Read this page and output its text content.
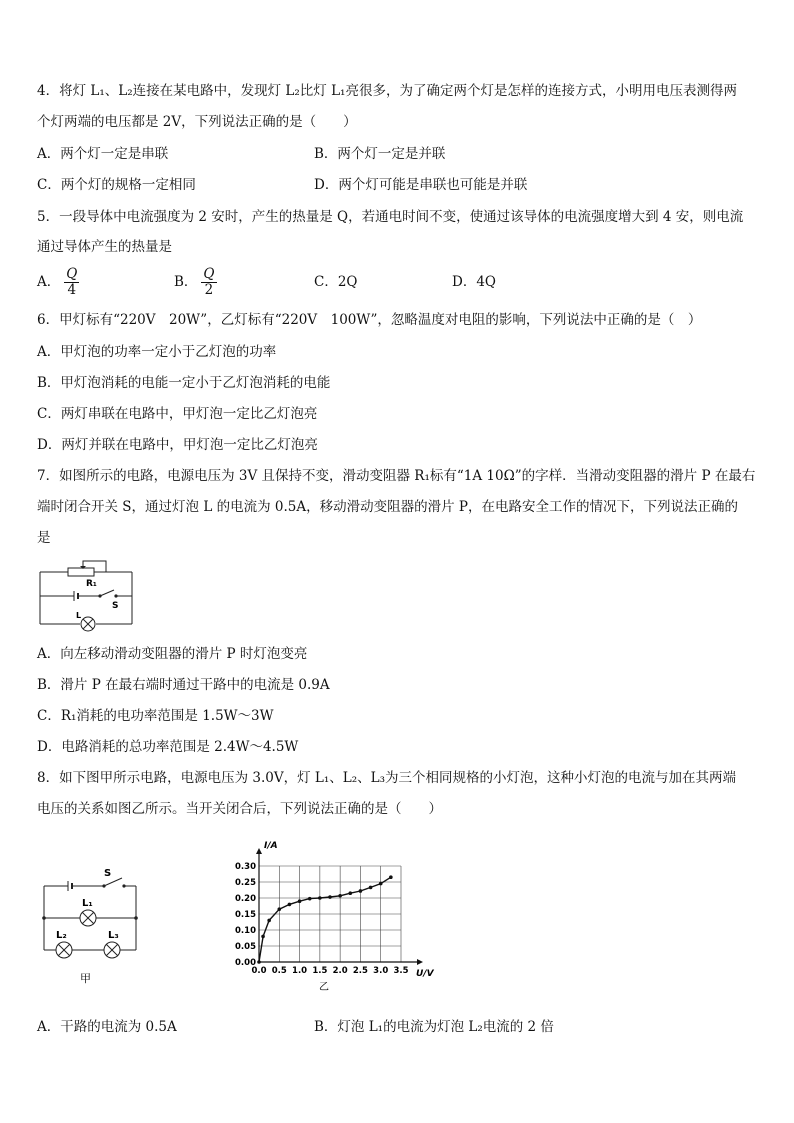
4．将灯 L₁、L₂连接在某电路中，发现灯 L₂比灯 L₁亮很多，为了确定两个灯是怎样的连接方式，小明用电压表测得两
个灯两端的电压都是 2V，下列说法正确的是（　　）
A．两个灯一定是串联	B．两个灯一定是并联
C．两个灯的规格一定相同	D．两个灯可能是串联也可能是并联
5．一段导体中电流强度为 2 安时，产生的热量是 Q，若通电时间不变，使通过该导体的电流强度增大到 4 安，则电流
通过导体产生的热量是
A． $\frac{Q}{4}$	B． $\frac{Q}{2}$	C．2Q	D．4Q
6．甲灯标有“220V　20W”，乙灯标有“220V　100W”，忽略温度对电阻的影响，下列说法中正确的是（　）
A．甲灯泡的功率一定小于乙灯泡的功率
B．甲灯泡消耗的电能一定小于乙灯泡消耗的电能
C．两灯串联在电路中，甲灯泡一定比乙灯泡亮
D．两灯并联在电路中，甲灯泡一定比乙灯泡亮
7．如图所示的电路，电源电压为 3V 且保持不变，滑动变阻器 R₁标有“1A 10Ω”的字样．当滑动变阻器的滑片 P 在最右
端时闭合开关 S，通过灯泡 L 的电流为 0.5A，移动滑动变阻器的滑片 P，在电路安全工作的情况下，下列说法正确的
是
R₁
S
L
A．向左移动滑动变阻器的滑片 P 时灯泡变亮
B．滑片 P 在最右端时通过干路中的电流是 0.9A
C．R₁消耗的电功率范围是 1.5W～3W
D．电路消耗的总功率范围是 2.4W～4.5W
8．如下图甲所示电路，电源电压为 3.0V，灯 L₁、L₂、L₃为三个相同规格的小灯泡，这种小灯泡的电流与加在其两端
电压的关系如图乙所示。当开关闭合后，下列说法正确的是（　　）
S
L₁
L₂	L₃
甲
0.0 0.5 1.0 1.5 2.0 2.5 3.0 3.5
0.00
0.05
0.10
0.15
0.20
0.25
0.30
I/A
U/V
乙
A．干路的电流为 0.5A	B．灯泡 L₁的电流为灯泡 L₂电流的 2 倍
